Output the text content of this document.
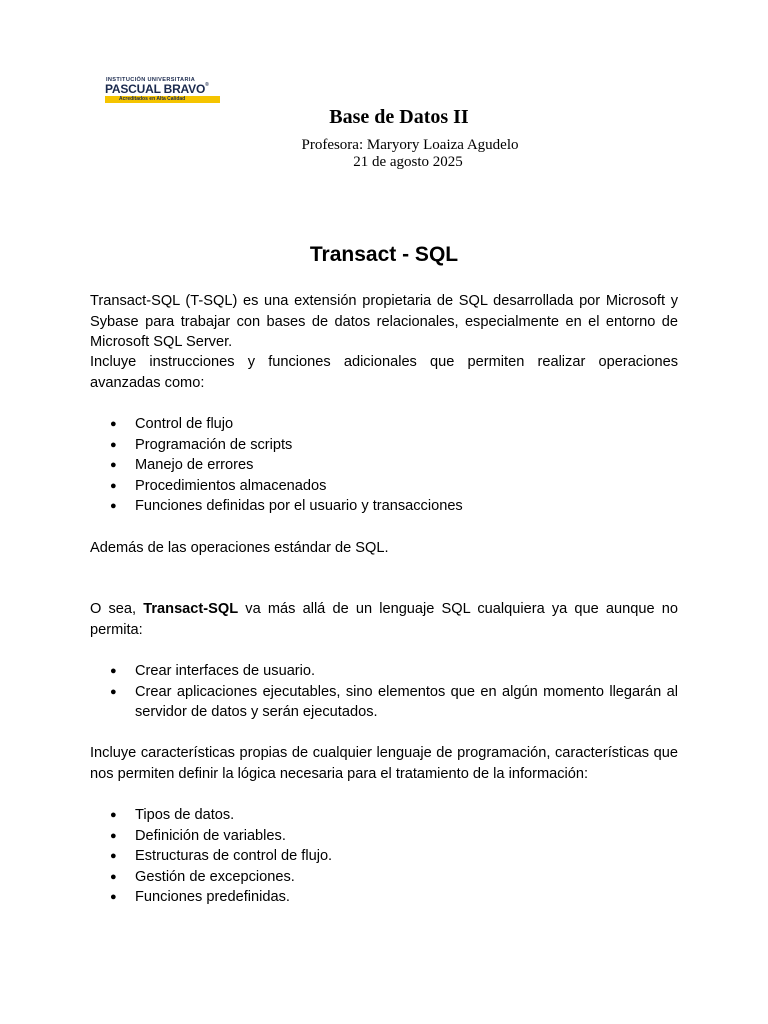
INSTITUCIÓN UNIVERSITARIA
PASCUAL BRAVO®
Acreditados en Alta Calidad
Base de Datos II
Profesora: Maryory Loaiza Agudelo
21 de agosto 2025
Transact - SQL

Transact-SQL (T-SQL) es una extensión propietaria de SQL desarrollada por Microsoft y Sybase para trabajar con bases de datos relacionales, especialmente en el entorno de Microsoft SQL Server.

Incluye instrucciones y funciones adicionales que permiten realizar operaciones avanzadas como:

● Control de flujo
● Programación de scripts
● Manejo de errores
● Procedimientos almacenados
● Funciones definidas por el usuario y transacciones

Además de las operaciones estándar de SQL.

O sea, Transact-SQL va más allá de un lenguaje SQL cualquiera ya que aunque no permita:

● Crear interfaces de usuario.
● Crear aplicaciones ejecutables, sino elementos que en algún momento llegarán al servidor de datos y serán ejecutados.

Incluye características propias de cualquier lenguaje de programación, características que nos permiten definir la lógica necesaria para el tratamiento de la información:

● Tipos de datos.
● Definición de variables.
● Estructuras de control de flujo.
● Gestión de excepciones.
● Funciones predefinidas.
